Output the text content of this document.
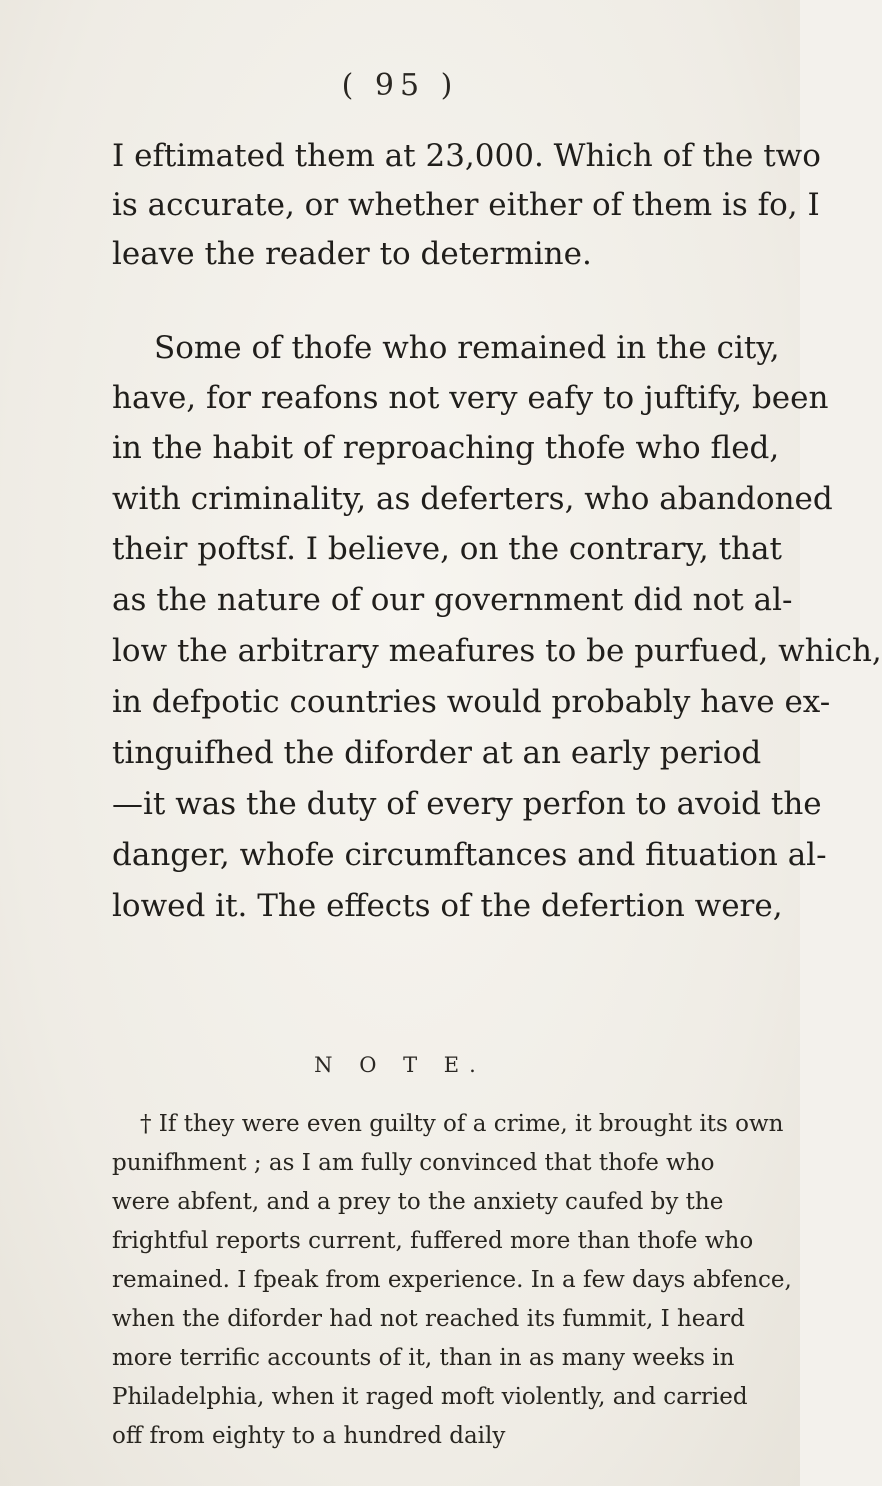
( 95 )
I eftimated them at 23,000. Which of the two
is accurate, or whether either of them is fo, I
leave the reader to determine.
Some of thofe who remained in the city,
have, for reafons not very eafy to juftify, been
in the habit of reproaching thofe who fled,
with criminality, as deferters, who abandoned
their poftsf. I believe, on the contrary, that
as the nature of our government did not al-
low the arbitrary meafures to be purfued, which,
in defpotic countries would probably have ex-
tinguifhed the diforder at an early period
—it was the duty of every perfon to avoid the
danger, whofe circumftances and fituation al-
lowed it. The effects of the defertion were,
N O T E.
† If they were even guilty of a crime, it brought its own
punifhment ; as I am fully convinced that thofe who
were abfent, and a prey to the anxiety caufed by the
frightful reports current, fuffered more than thofe who
remained. I fpeak from experience. In a few days abfence,
when the diforder had not reached its fummit, I heard
more terrific accounts of it, than in as many weeks in
Philadelphia, when it raged moft violently, and carried
off from eighty to a hundred daily
